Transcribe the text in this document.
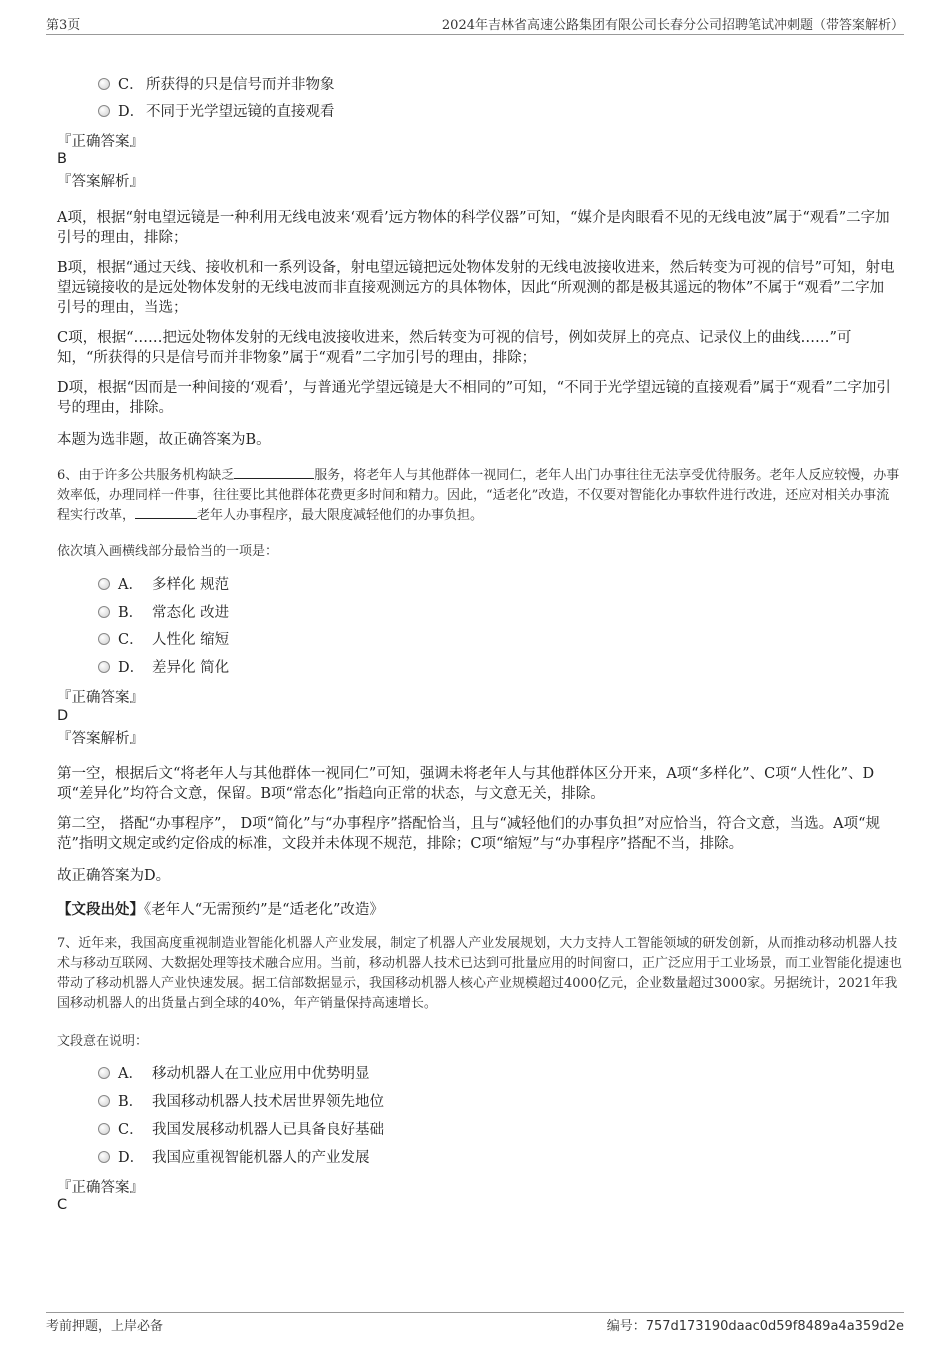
第3页	2024年吉林省高速公路集团有限公司长春分公司招聘笔试冲刺题（带答案解析）
C． 所获得的只是信号而并非物象
D． 不同于光学望远镜的直接观看
『正确答案』
B
『答案解析』
A项，根据“射电望远镜是一种利用无线电波来‘观看’远方物体的科学仪器”可知，“媒介是肉眼看不见的无线电波”属于“观看”二字加引号的理由，排除；
B项，根据“通过天线、接收机和一系列设备，射电望远镜把远处物体发射的无线电波接收进来，然后转变为可视的信号”可知，射电望远镜接收的是远处物体发射的无线电波而非直接观测远方的具体物体，因此“所观测的都是极其遥远的物体”不属于“观看”二字加引号的理由，当选；
C项，根据“……把远处物体发射的无线电波接收进来，然后转变为可视的信号，例如荧屏上的亮点、记录仪上的曲线……”可知，“所获得的只是信号而并非物象”属于“观看”二字加引号的理由，排除；
D项，根据“因而是一种间接的‘观看’，与普通光学望远镜是大不相同的”可知，“不同于光学望远镜的直接观看”属于“观看”二字加引号的理由，排除。
本题为选非题，故正确答案为B。
6、由于许多公共服务机构缺乏	服务，将老年人与其他群体一视同仁，老年人出门办事往往无法享受优待服务。老年人反应较慢，办事效率低，办理同样一件事，往往要比其他群体花费更多时间和精力。因此，“适老化”改造，不仅要对智能化办事软件进行改进，还应对相关办事流程实行改革，	老年人办事程序，最大限度减轻他们的办事负担。
依次填入画横线部分最恰当的一项是：
A． 多样化 规范
B． 常态化 改进
C． 人性化 缩短
D． 差异化 简化
『正确答案』
D
『答案解析』
第一空，根据后文“将老年人与其他群体一视同仁”可知，强调未将老年人与其他群体区分开来，A项“多样化”、C项“人性化”、D项“差异化”均符合文意，保留。B项“常态化”指趋向正常的状态，与文意无关，排除。
第二空， 搭配“办事程序”， D项“简化”与“办事程序”搭配恰当，且与“减轻他们的办事负担”对应恰当，符合文意，当选。A项“规范”指明文规定或约定俗成的标准，文段并未体现不规范，排除；C项“缩短”与“办事程序”搭配不当，排除。
故正确答案为D。
【文段出处】《老年人“无需预约”是“适老化”改造》
7、近年来，我国高度重视制造业智能化机器人产业发展，制定了机器人产业发展规划，大力支持人工智能领域的研发创新，从而推动移动机器人技术与移动互联网、大数据处理等技术融合应用。当前，移动机器人技术已达到可批量应用的时间窗口，正广泛应用于工业场景，而工业智能化提速也带动了移动机器人产业快速发展。据工信部数据显示，我国移动机器人核心产业规模超过4000亿元，企业数量超过3000家。另据统计，2021年我国移动机器人的出货量占到全球的40%，年产销量保持高速增长。
文段意在说明：
A． 移动机器人在工业应用中优势明显
B． 我国移动机器人技术居世界领先地位
C． 我国发展移动机器人已具备良好基础
D． 我国应重视智能机器人的产业发展
『正确答案』
C
考前押题，上岸必备	编号：757d173190daac0d59f8489a4a359d2e
